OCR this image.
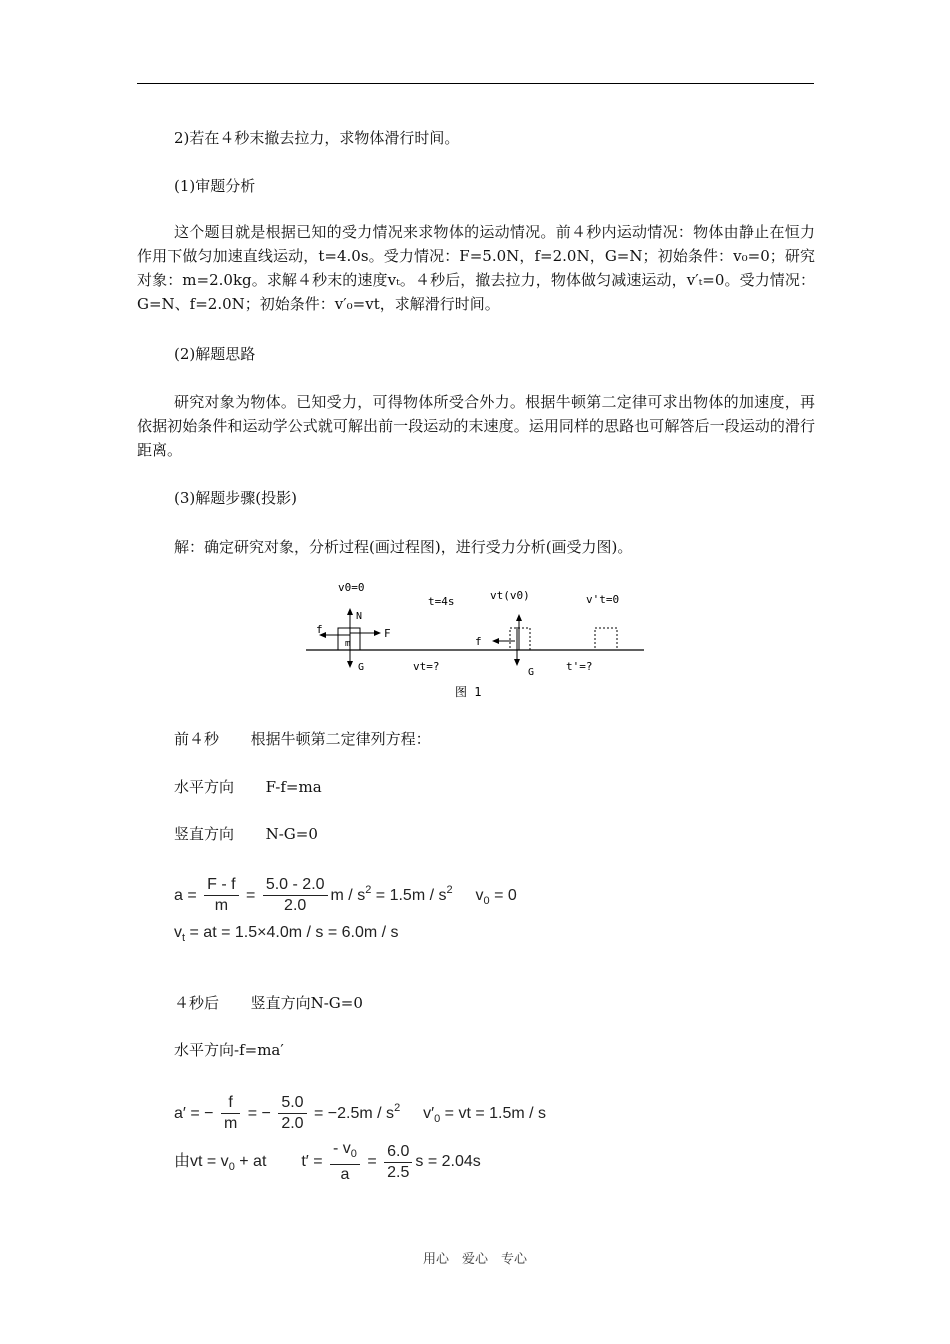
2)若在４秒末撤去拉力，求物体滑行时间。
(1)审题分析
这个题目就是根据已知的受力情况来求物体的运动情况。前４秒内运动情况：物体由静止在恒力作用下做匀加速直线运动，t=4.0s。受力情况：F=5.0N，f=2.0N，G=N；初始条件：v₀=0；研究对象：m=2.0kg。求解４秒末的速度vₜ。４秒后，撤去拉力，物体做匀减速运动，v′ₜ=0。受力情况：G=N、f=2.0N；初始条件：v′₀=vt，求解滑行时间。
(2)解题思路
研究对象为物体。已知受力，可得物体所受合外力。根据牛顿第二定律可求出物体的加速度，再依据初始条件和运动学公式就可解出前一段运动的末速度。运用同样的思路也可解答后一段运动的滑行距离。
(3)解题步骤(投影)
解：确定研究对象，分析过程(画过程图)，进行受力分析(画受力图)。
v0=0
t=4s	vt(v0)	v't=0
m
N
G
F
f
vt=?	G
f
t'=?
图 1
前４秒 根据牛顿第二定律列方程：
水平方向 F-f=ma
竖直方向 N-G=0
$a = \frac{F - f}{m} = \frac{5.0 - 2.0}{2.0}$ $m / s^2 = 1.5m / s^2$ $v_0 = 0$
$v_t$ = at = 1.5×4.0m / s = 6.0m / s
４秒后 竖直方向N-G=0
水平方向-f=ma′
a′ = − $\frac{f}{m}$ = − $\frac{5.0}{2.0} = -2.5m / s^2$ $v'_0$ = vt = 1.5m / s
由vt = $v_0$ + at $t' = \frac{- v_0}{a} = \frac{6.0}{2.5}$ s = 2.04s
用心　爱心　专心
